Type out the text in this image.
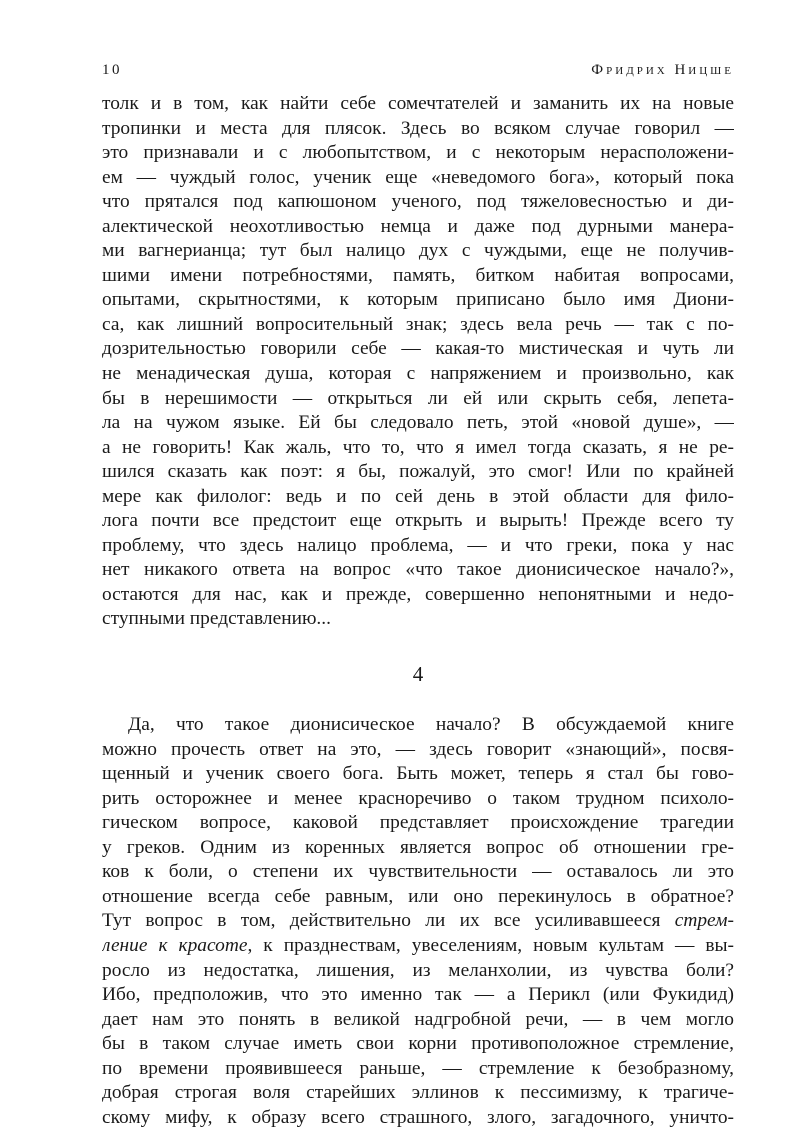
10	Фридрих Ницше
толк и в том, как найти себе сомечтателей и заманить их на новые
тропинки и места для плясок. Здесь во всяком случае говорил —
это признавали и с любопытством, и с некоторым нерасположени-
ем — чуждый голос, ученик еще «неведомого бога», который пока
что прятался под капюшоном ученого, под тяжеловесностью и ди-
алектической неохотливостью немца и даже под дурными манера-
ми вагнерианца; тут был налицо дух с чуждыми, еще не получив-
шими имени потребностями, память, битком набитая вопросами,
опытами, скрытностями, к которым приписано было имя Диони-
са, как лишний вопросительный знак; здесь вела речь — так с по-
дозрительностью говорили себе — какая-то мистическая и чуть ли
не менадическая душа, которая с напряжением и произвольно, как
бы в нерешимости — открыться ли ей или скрыть себя, лепета-
ла на чужом языке. Ей бы следовало петь, этой «новой душе», —
а не говорить! Как жаль, что то, что я имел тогда сказать, я не ре-
шился сказать как поэт: я бы, пожалуй, это смог! Или по крайней
мере как филолог: ведь и по сей день в этой области для фило-
лога почти все предстоит еще открыть и вырыть! Прежде всего ту
проблему, что здесь налицо проблема, — и что греки, пока у нас
нет никакого ответа на вопрос «что такое дионисическое начало?»,
остаются для нас, как и прежде, совершенно непонятными и недо-
ступными представлению...
4
Да, что такое дионисическое начало? В обсуждаемой книге
можно прочесть ответ на это, — здесь говорит «знающий», посвя-
щенный и ученик своего бога. Быть может, теперь я стал бы гово-
рить осторожнее и менее красноречиво о таком трудном психоло-
гическом вопросе, каковой представляет происхождение трагедии
у греков. Одним из коренных является вопрос об отношении гре-
ков к боли, о степени их чувствительности — оставалось ли это
отношение всегда себе равным, или оно перекинулось в обратное?
Тут вопрос в том, действительно ли их все усиливавшееся стрем-
ление к красоте, к празднествам, увеселениям, новым культам — вы-
росло из недостатка, лишения, из меланхолии, из чувства боли?
Ибо, предположив, что это именно так — а Перикл (или Фукидид)
дает нам это понять в великой надгробной речи, — в чем могло
бы в таком случае иметь свои корни противоположное стремление,
по времени проявившееся раньше, — стремление к безобразному,
добрая строгая воля старейших эллинов к пессимизму, к трагиче-
скому мифу, к образу всего страшного, злого, загадочного, уничто-
